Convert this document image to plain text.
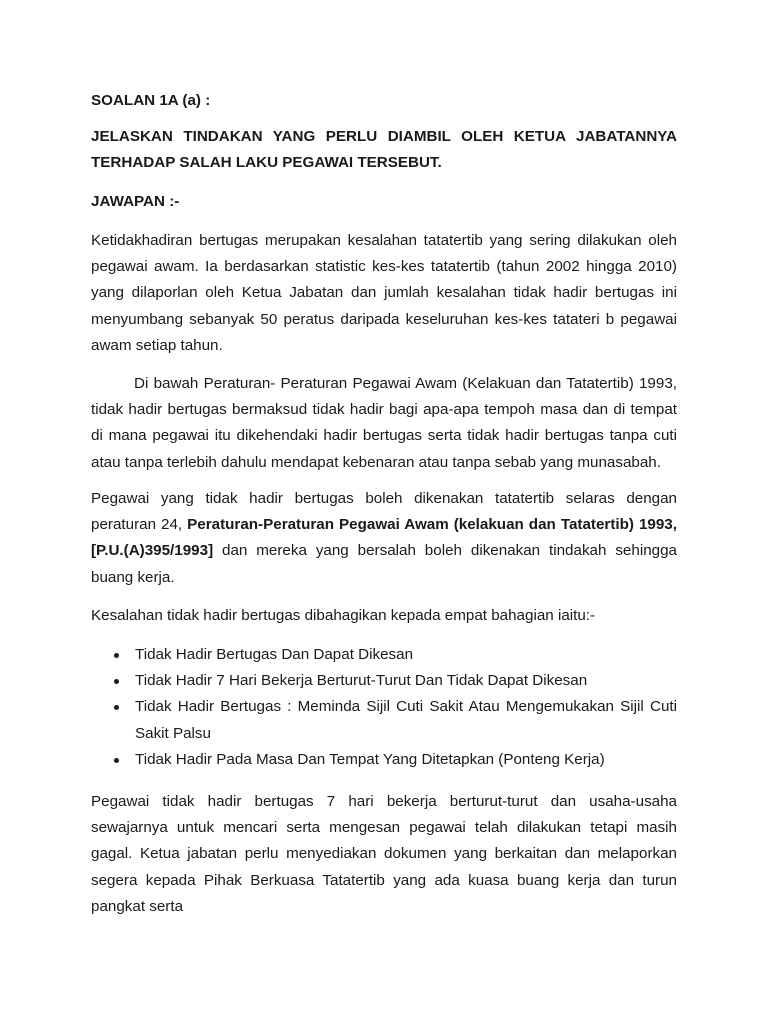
SOALAN 1A (a) :

JELASKAN TINDAKAN YANG PERLU DIAMBIL OLEH KETUA JABATANNYA TERHADAP SALAH LAKU PEGAWAI TERSEBUT.

JAWAPAN :-

Ketidakhadiran bertugas merupakan kesalahan tatatertib yang sering dilakukan oleh pegawai awam. Ia berdasarkan statistic kes-kes tatatertib (tahun 2002 hingga 2010) yang dilaporlan oleh Ketua Jabatan dan jumlah kesalahan tidak hadir bertugas ini menyumbang sebanyak 50 peratus daripada keseluruhan kes-kes tatateri b pegawai awam setiap tahun.

Di bawah Peraturan- Peraturan Pegawai Awam (Kelakuan dan Tatatertib) 1993, tidak hadir bertugas bermaksud tidak hadir bagi apa-apa tempoh masa dan di tempat di mana pegawai itu dikehendaki hadir bertugas serta tidak hadir bertugas tanpa cuti atau tanpa terlebih dahulu mendapat kebenaran atau tanpa sebab yang munasabah.

Pegawai yang tidak hadir bertugas boleh dikenakan tatatertib selaras dengan peraturan 24, Peraturan-Peraturan Pegawai Awam (kelakuan dan Tatatertib) 1993, [P.U.(A)395/1993] dan mereka yang bersalah boleh dikenakan tindakah sehingga buang kerja.

Kesalahan tidak hadir bertugas dibahagikan kepada empat bahagian iaitu:-

Tidak Hadir Bertugas Dan Dapat Dikesan
Tidak Hadir 7 Hari Bekerja Berturut-Turut Dan Tidak Dapat Dikesan
Tidak Hadir Bertugas : Meminda Sijil Cuti Sakit Atau Mengemukakan Sijil Cuti Sakit Palsu
Tidak Hadir Pada Masa Dan Tempat Yang Ditetapkan (Ponteng Kerja)

Pegawai tidak hadir bertugas 7 hari bekerja berturut-turut dan usaha-usaha sewajarnya untuk mencari serta mengesan pegawai telah dilakukan tetapi masih gagal. Ketua jabatan perlu menyediakan dokumen yang berkaitan dan melaporkan segera kepada Pihak Berkuasa Tatatertib yang ada kuasa buang kerja dan turun pangkat serta
